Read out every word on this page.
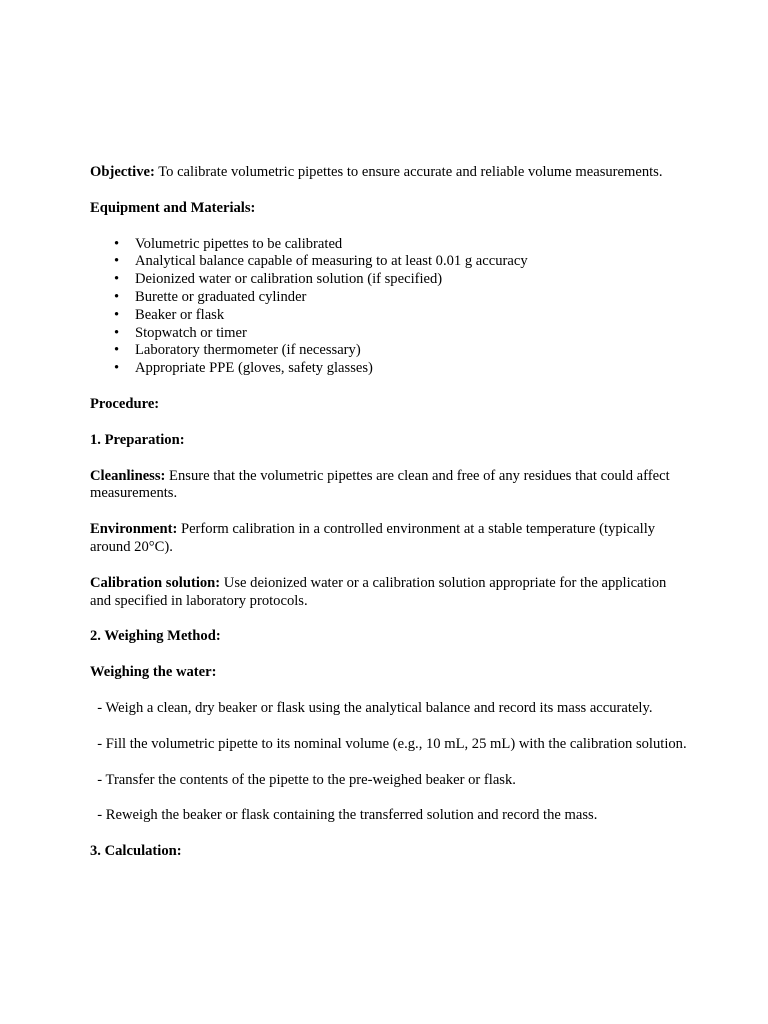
Objective: To calibrate volumetric pipettes to ensure accurate and reliable volume measurements.

Equipment and Materials:

•	Volumetric pipettes to be calibrated
•	Analytical balance capable of measuring to at least 0.01 g accuracy
•	Deionized water or calibration solution (if specified)
•	Burette or graduated cylinder
•	Beaker or flask
•	Stopwatch or timer
•	Laboratory thermometer (if necessary)
•	Appropriate PPE (gloves, safety glasses)

Procedure:

1. Preparation:

Cleanliness: Ensure that the volumetric pipettes are clean and free of any residues that could affect measurements.

Environment: Perform calibration in a controlled environment at a stable temperature (typically around 20°C).

Calibration solution: Use deionized water or a calibration solution appropriate for the application and specified in laboratory protocols.

2. Weighing Method:

Weighing the water:

- Weigh a clean, dry beaker or flask using the analytical balance and record its mass accurately.

- Fill the volumetric pipette to its nominal volume (e.g., 10 mL, 25 mL) with the calibration solution.

- Transfer the contents of the pipette to the pre-weighed beaker or flask.

- Reweigh the beaker or flask containing the transferred solution and record the mass.

3. Calculation:
